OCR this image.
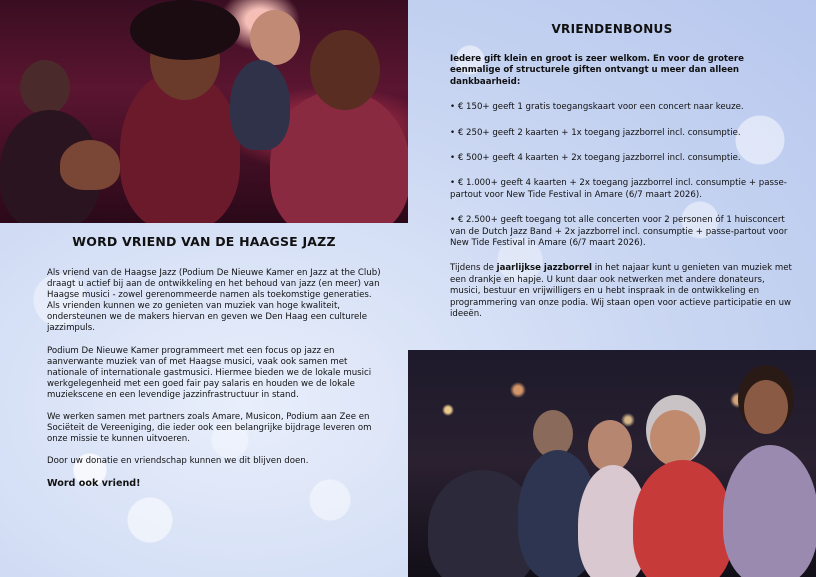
WORD VRIEND VAN DE HAAGSE JAZZ

Als vriend van de Haagse Jazz (Podium De Nieuwe Kamer en Jazz at the Club) draagt u actief bij aan de ontwikkeling en het behoud van jazz (en meer) van Haagse musici - zowel gerenommeerde namen als toekomstige generaties. Als vrienden kunnen we zo genieten van muziek van hoge kwaliteit, ondersteunen we de makers hiervan en geven we Den Haag een culturele jazzimpuls.

Podium De Nieuwe Kamer programmeert met een focus op jazz en aanverwante muziek van of met Haagse musici, vaak ook samen met nationale of internationale gastmusici. Hiermee bieden we de lokale musici werkgelegenheid met een goed fair pay salaris en houden we de lokale muziekscene en een levendige jazzinfrastructuur in stand.

We werken samen met partners zoals Amare, Musicon, Podium aan Zee en Sociëteit de Vereeniging, die ieder ook een belangrijke bijdrage leveren om onze missie te kunnen uitvoeren.

Door uw donatie en vriendschap kunnen we dit blijven doen.

Word ook vriend!

VRIENDENBONUS

Iedere gift klein en groot is zeer welkom. En voor de grotere eenmalige of structurele giften ontvangt u meer dan alleen dankbaarheid:

• € 150+ geeft 1 gratis toegangskaart voor een concert naar keuze.

• € 250+ geeft 2 kaarten + 1x toegang jazzborrel incl. consumptie.

• € 500+ geeft 4 kaarten + 2x toegang jazzborrel incl. consumptie.

• € 1.000+ geeft 4 kaarten + 2x toegang jazzborrel incl. consumptie + passe-partout voor New Tide Festival in Amare (6/7 maart 2026).

• € 2.500+ geeft toegang tot alle concerten voor 2 personen óf 1 huisconcert van de Dutch Jazz Band + 2x jazzborrel incl. consumptie + passe-partout voor New Tide Festival in Amare (6/7 maart 2026).

Tijdens de jaarlijkse jazzborrel in het najaar kunt u genieten van muziek met een drankje en hapje. U kunt daar ook netwerken met andere donateurs, musici, bestuur en vrijwilligers en u hebt inspraak in de ontwikkeling en programmering van onze podia. Wij staan open voor actieve participatie en uw ideeën.
